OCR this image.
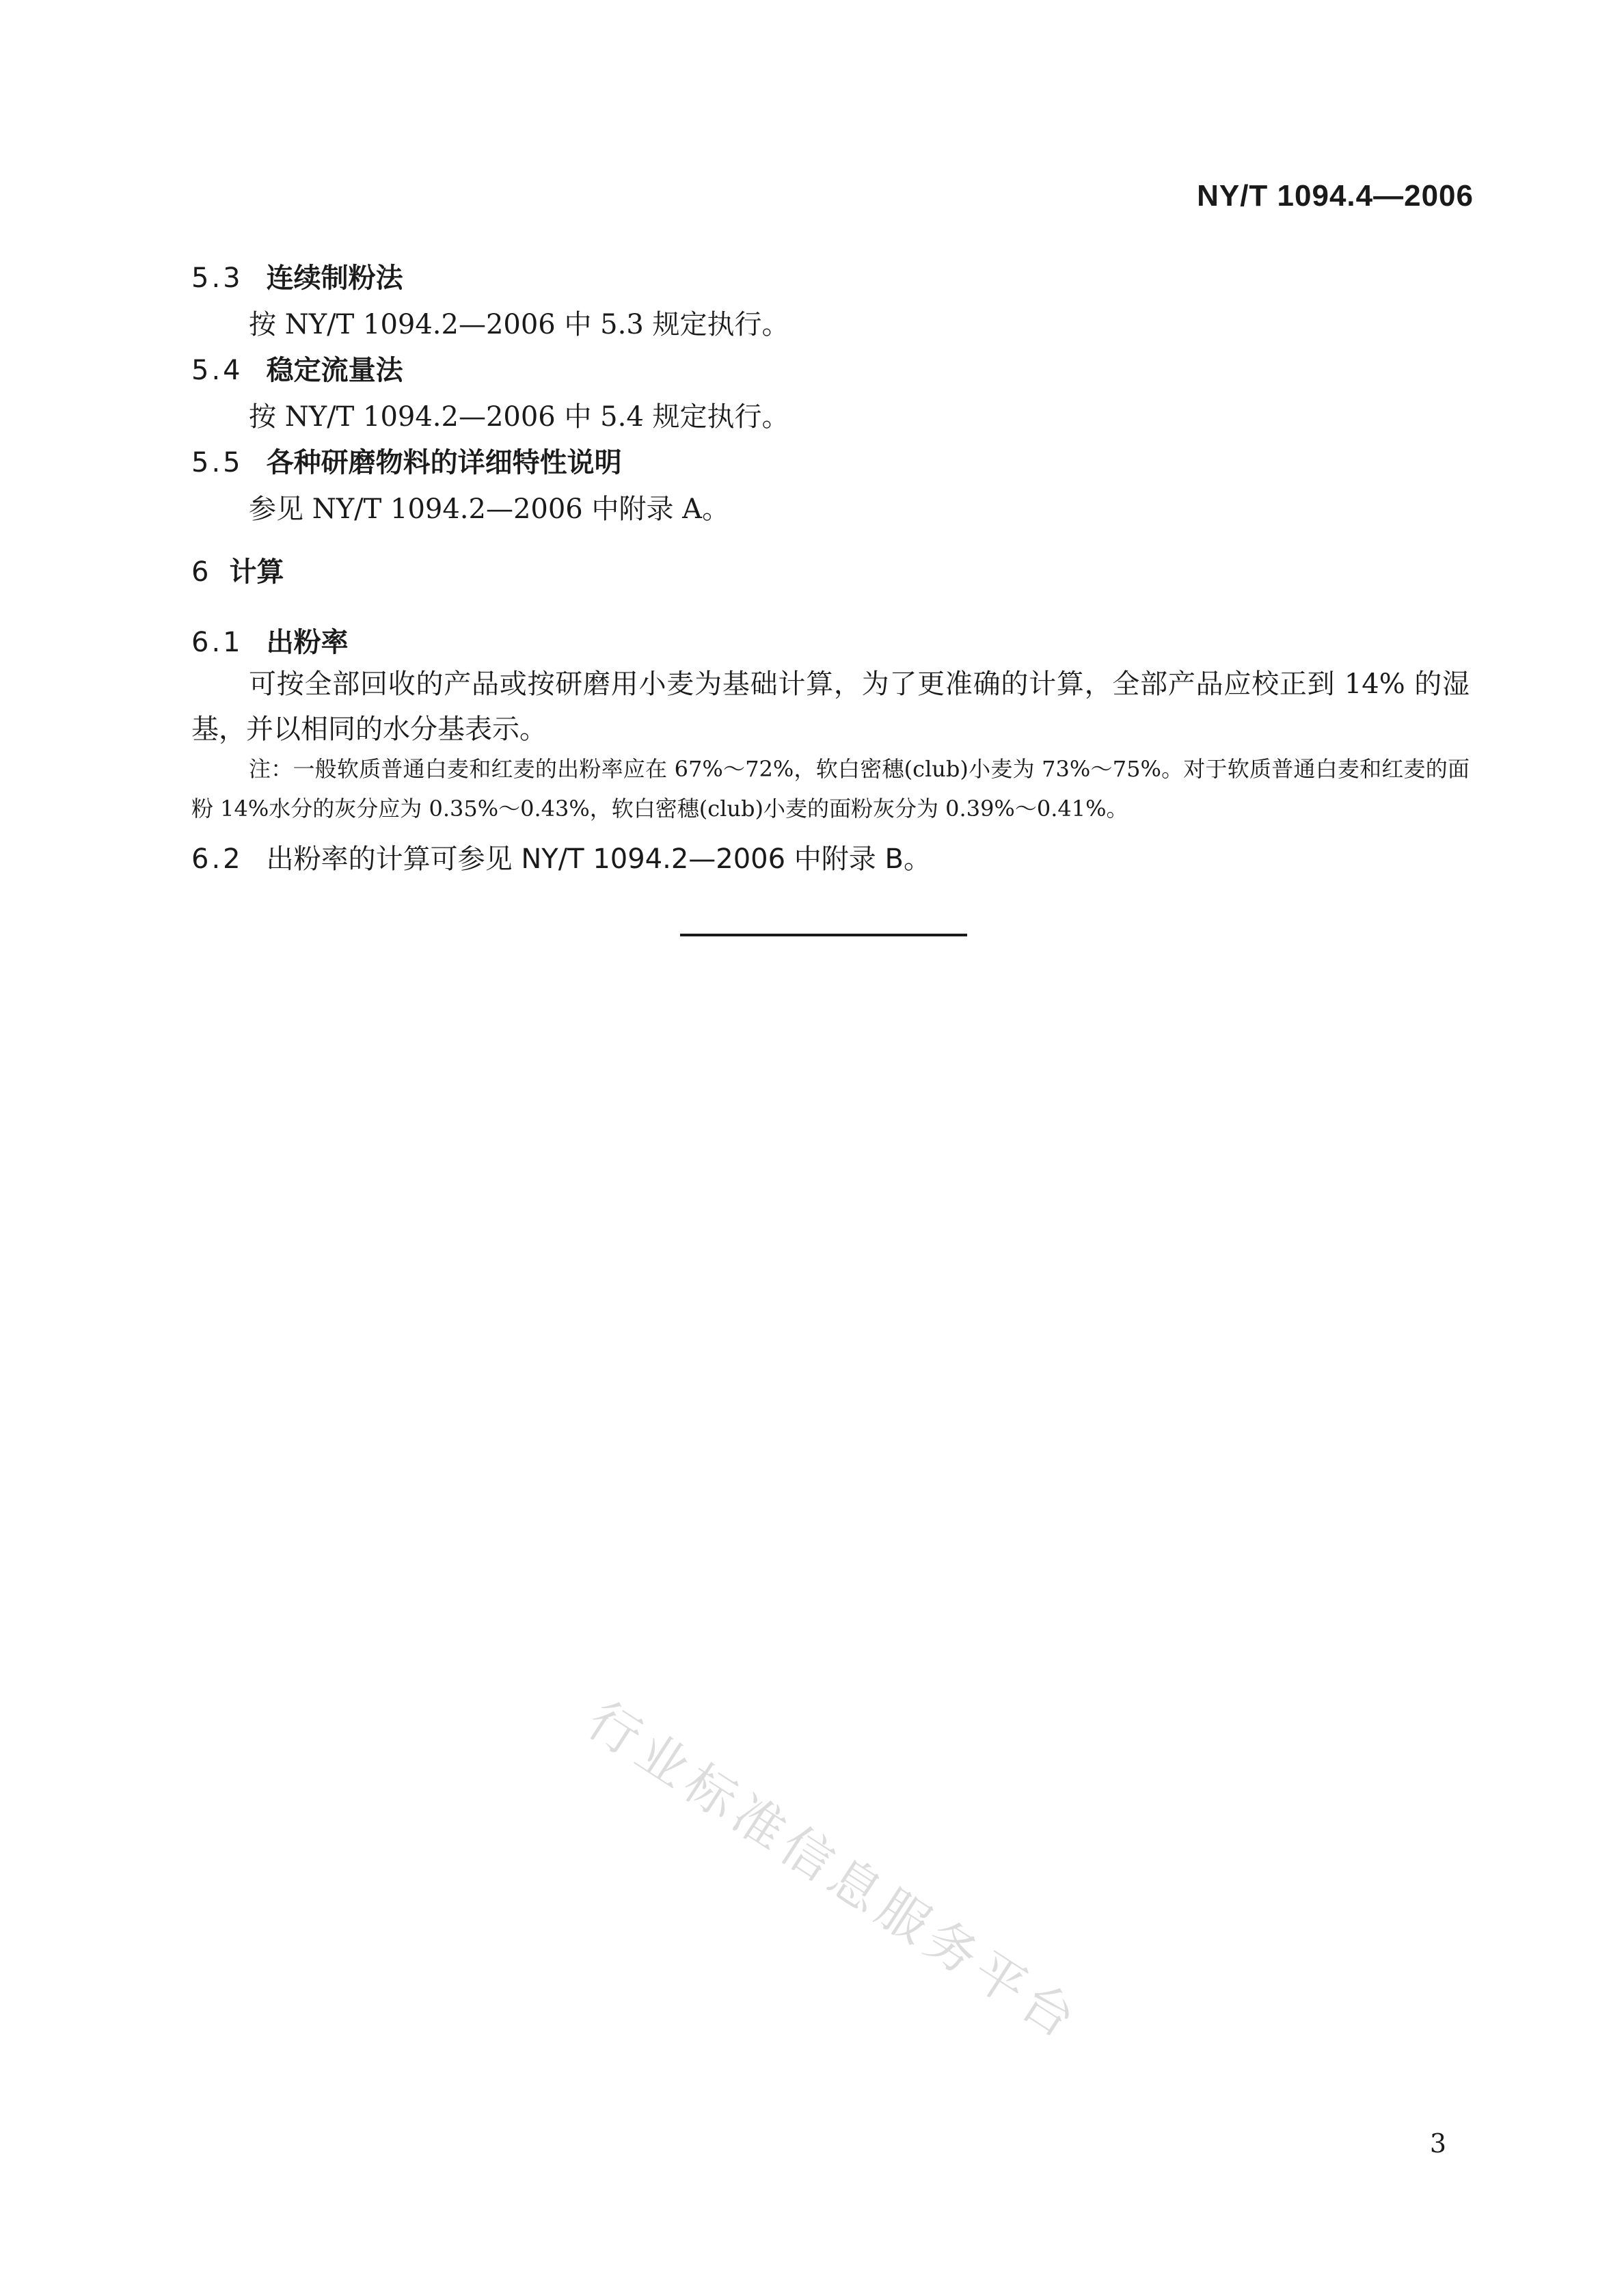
NY/T 1094.4—2006
5.3 连续制粉法
按 NY/T 1094.2—2006 中 5.3 规定执行。
5.4 稳定流量法
按 NY/T 1094.2—2006 中 5.4 规定执行。
5.5 各种研磨物料的详细特性说明
参见 NY/T 1094.2—2006 中附录 A。
6 计算
6.1 出粉率
可按全部回收的产品或按研磨用小麦为基础计算，为了更准确的计算，全部产品应校正到 14% 的湿基，并以相同的水分基表示。
注：一般软质普通白麦和红麦的出粉率应在 67%～72%，软白密穗(club)小麦为 73%～75%。对于软质普通白麦和红麦的面粉 14%水分的灰分应为 0.35%～0.43%，软白密穗(club)小麦的面粉灰分为 0.39%～0.41%。
6.2 出粉率的计算可参见 NY/T 1094.2—2006 中附录 B。
行业标准信息服务平台
3
